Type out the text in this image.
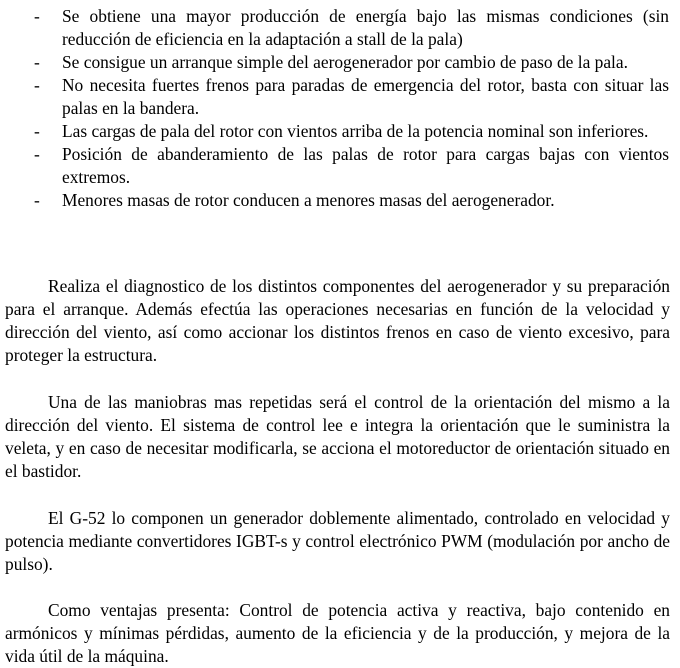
- Se obtiene una mayor producción de energía bajo las mismas condiciones (sin reducción de eficiencia en la adaptación a stall de la pala)
- Se consigue un arranque simple del aerogenerador por cambio de paso de la pala.
- No necesita fuertes frenos para paradas de emergencia del rotor, basta con situar las palas en la bandera.
- Las cargas de pala del rotor con vientos arriba de la potencia nominal son inferiores.
- Posición de abanderamiento de las palas de rotor para cargas bajas con vientos extremos.
- Menores masas de rotor conducen a menores masas del aerogenerador.

Realiza el diagnostico de los distintos componentes del aerogenerador y su preparación para el arranque. Además efectúa las operaciones necesarias en función de la velocidad y dirección del viento, así como accionar los distintos frenos en caso de viento excesivo, para proteger la estructura.

Una de las maniobras mas repetidas será el control de la orientación del mismo a la dirección del viento. El sistema de control lee e integra la orientación que le suministra la veleta, y en caso de necesitar modificarla, se acciona el motoreductor de orientación situado en el bastidor.

El G-52 lo componen un generador doblemente alimentado, controlado en velocidad y potencia mediante convertidores IGBT-s y control electrónico PWM (modulación por ancho de pulso).

Como ventajas presenta: Control de potencia activa y reactiva, bajo contenido en armónicos y mínimas pérdidas, aumento de la eficiencia y de la producción, y mejora de la vida útil de la máquina.
